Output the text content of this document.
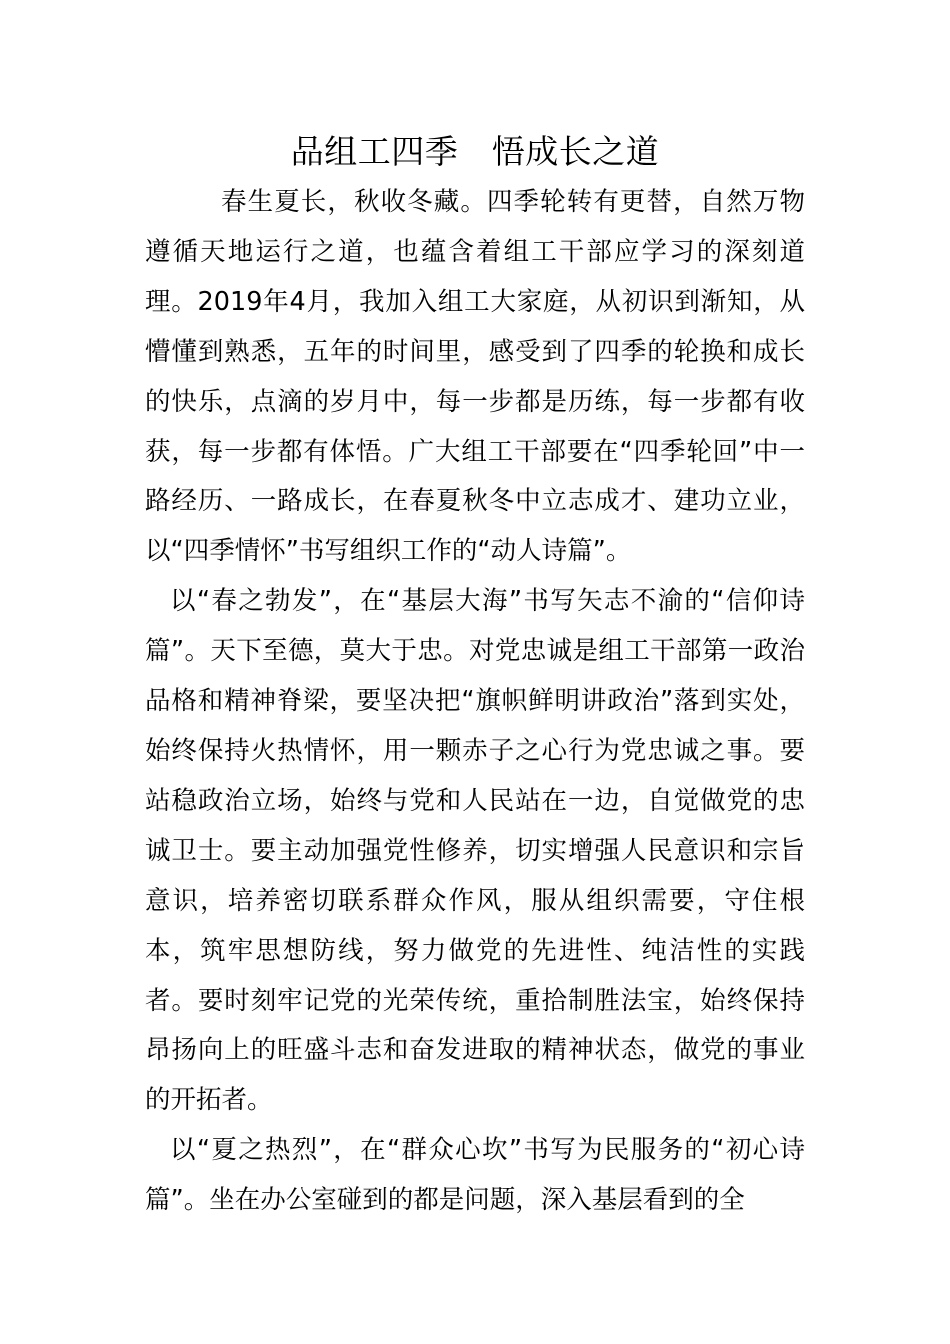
品组工四季　悟成长之道

春生夏长，秋收冬藏。四季轮转有更替，自然万物遵循天地运行之道，也蕴含着组工干部应学习的深刻道理。2019年4月，我加入组工大家庭，从初识到渐知，从懵懂到熟悉，五年的时间里，感受到了四季的轮换和成长的快乐，点滴的岁月中，每一步都是历练，每一步都有收获，每一步都有体悟。广大组工干部要在“四季轮回”中一路经历、一路成长，在春夏秋冬中立志成才、建功立业，以“四季情怀”书写组织工作的“动人诗篇”。

以“春之勃发”，在“基层大海”书写矢志不渝的“信仰诗篇”。天下至德，莫大于忠。对党忠诚是组工干部第一政治品格和精神脊梁，要坚决把“旗帜鲜明讲政治”落到实处，始终保持火热情怀，用一颗赤子之心行为党忠诚之事。要站稳政治立场，始终与党和人民站在一边，自觉做党的忠诚卫士。要主动加强党性修养，切实增强人民意识和宗旨意识，培养密切联系群众作风，服从组织需要，守住根本，筑牢思想防线，努力做党的先进性、纯洁性的实践者。要时刻牢记党的光荣传统，重拾制胜法宝，始终保持昂扬向上的旺盛斗志和奋发进取的精神状态，做党的事业的开拓者。

以“夏之热烈”，在“群众心坎”书写为民服务的“初心诗篇”。坐在办公室碰到的都是问题，深入基层看到的全
